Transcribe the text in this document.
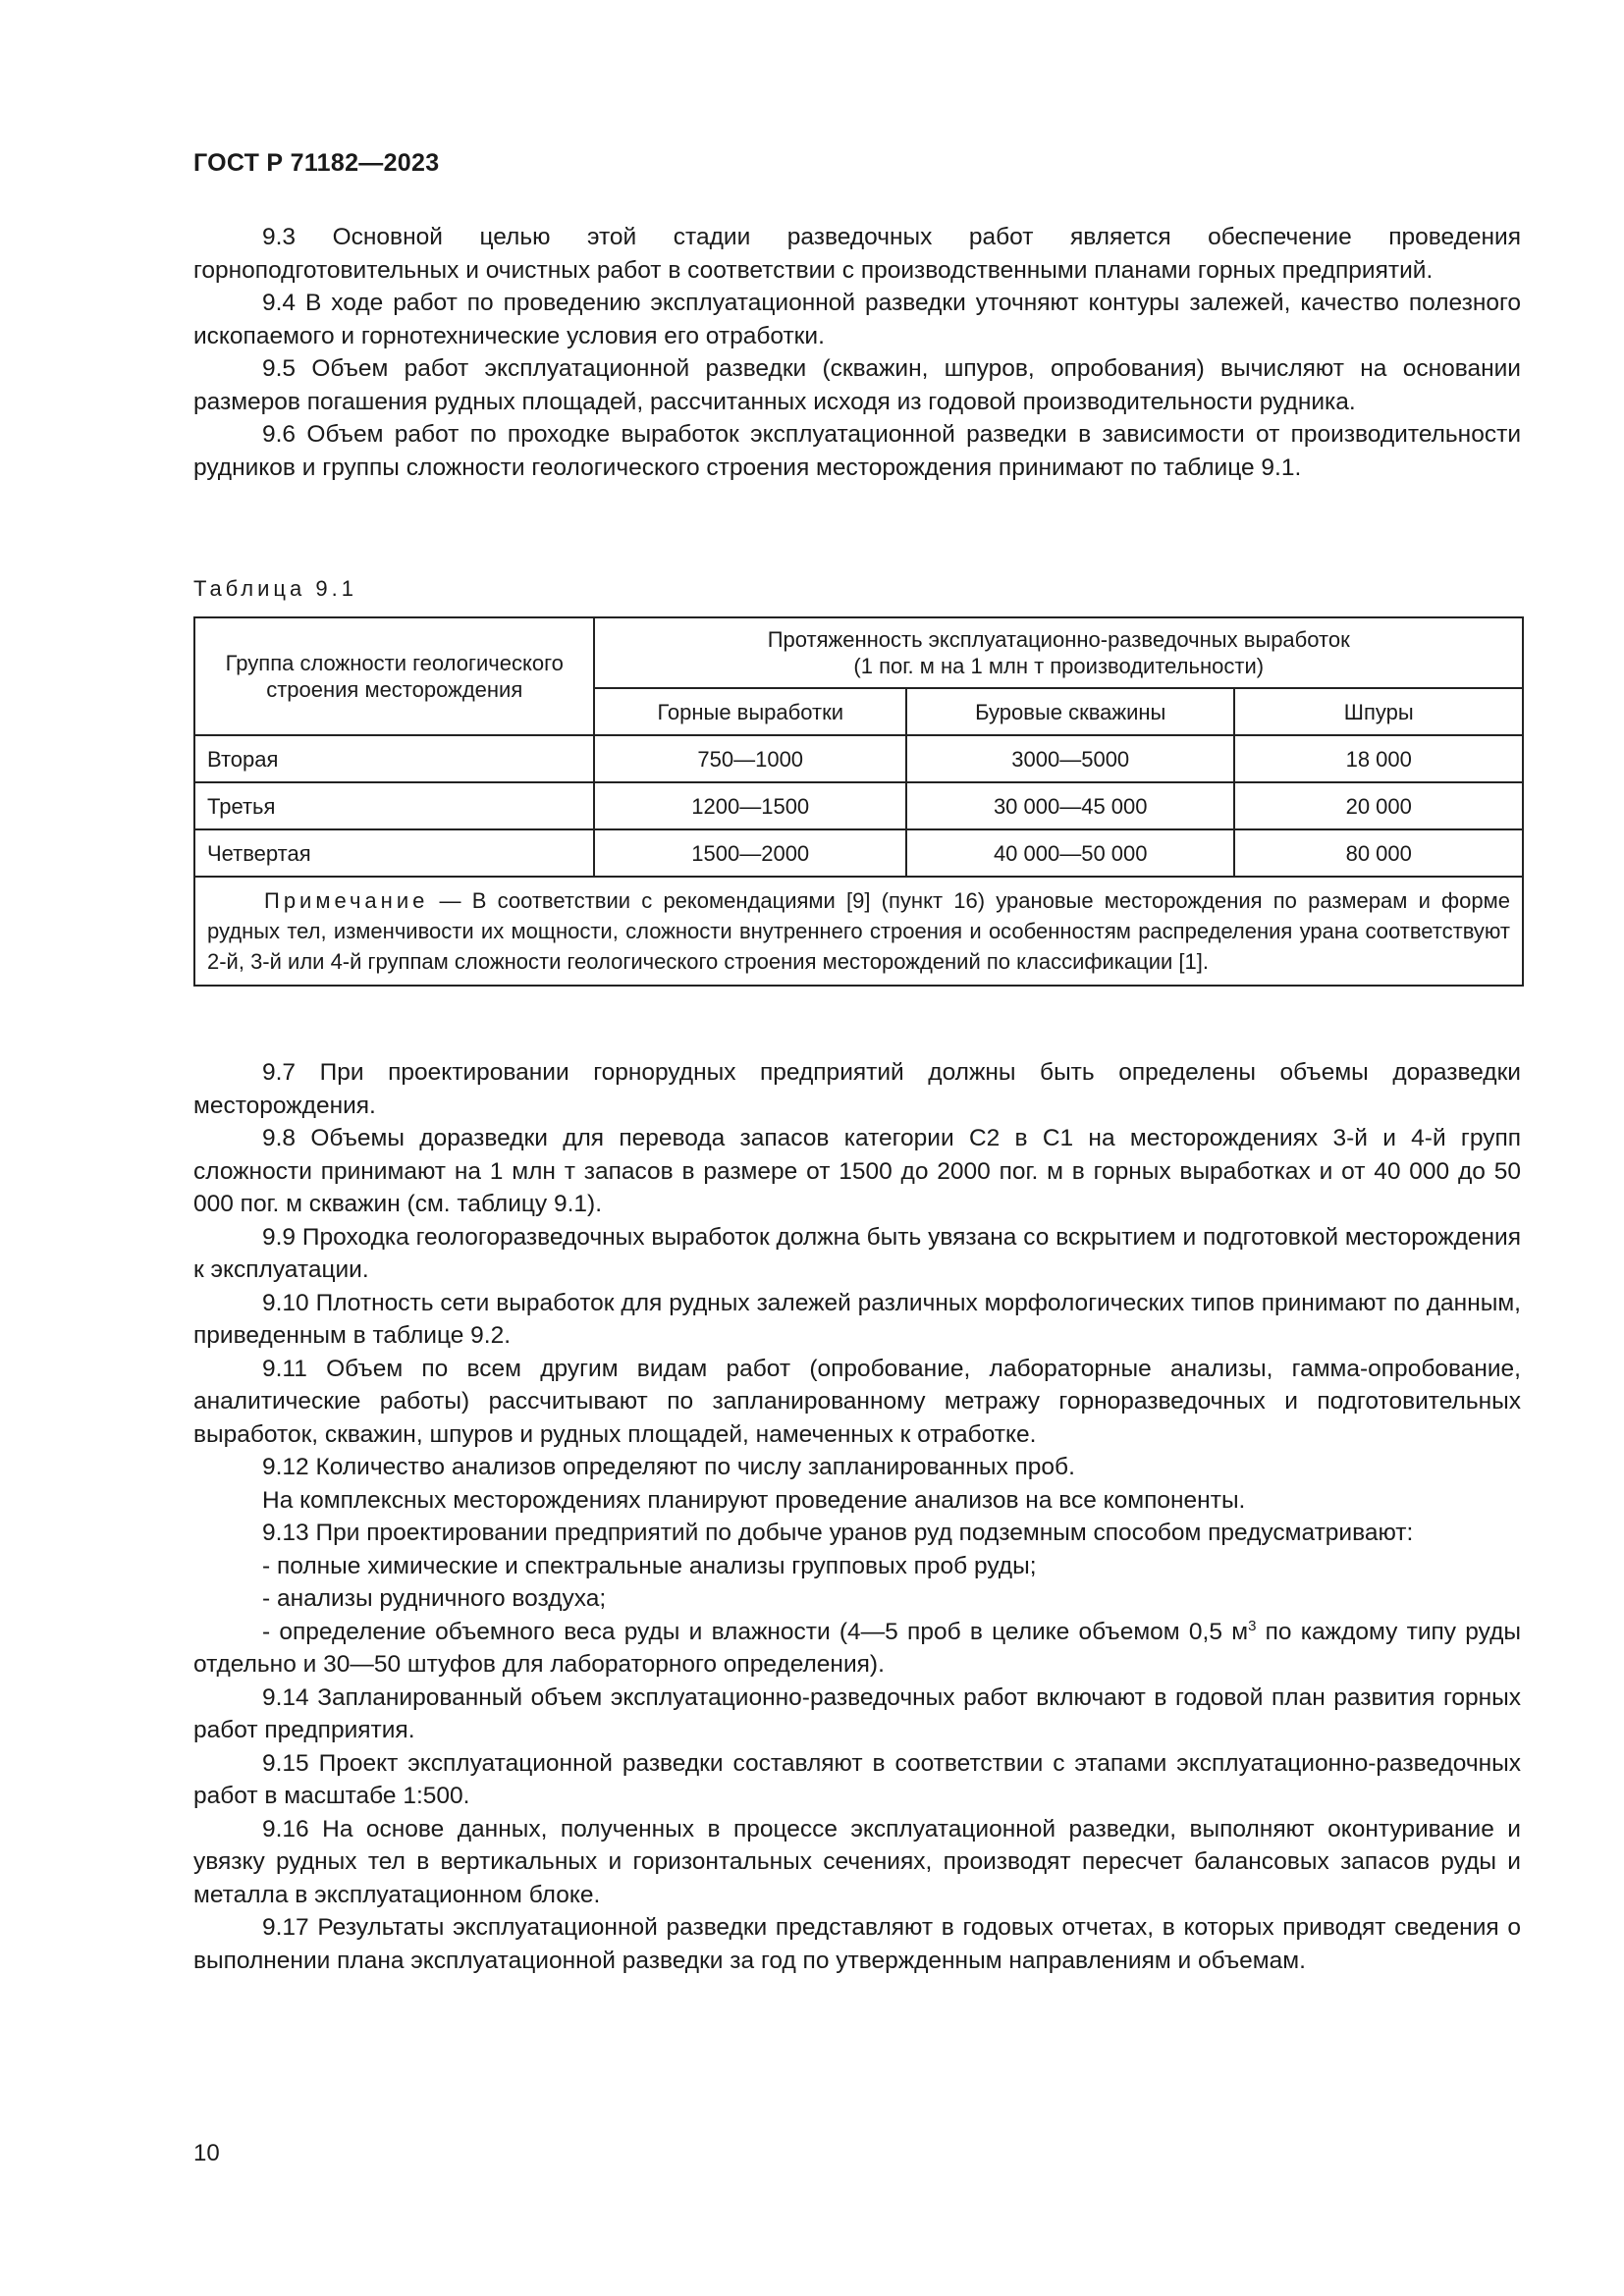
ГОСТ Р 71182—2023

9.3 Основной целью этой стадии разведочных работ является обеспечение проведения горноподготовительных и очистных работ в соответствии с производственными планами горных предприятий.

9.4 В ходе работ по проведению эксплуатационной разведки уточняют контуры залежей, качество полезного ископаемого и горнотехнические условия его отработки.

9.5 Объем работ эксплуатационной разведки (скважин, шпуров, опробования) вычисляют на основании размеров погашения рудных площадей, рассчитанных исходя из годовой производительности рудника.

9.6 Объем работ по проходке выработок эксплуатационной разведки в зависимости от производительности рудников и группы сложности геологического строения месторождения принимают по таблице 9.1.

Таблица 9.1
Группа сложности геологического строения месторождения	Протяженность эксплуатационно-разведочных выработок
(1 пог. м на 1 млн т производительности)		

	Горные выработки	Буровые скважины	Шпуры
Вторая	750—1000	3000—5000	18 000
Третья	1200—1500	30 000—45 000	20 000
Четвертая	1500—2000	40 000—50 000	80 000
Примечание — В соответствии с рекомендациями [9] (пункт 16) урановые месторождения по размерам и форме рудных тел, изменчивости их мощности, сложности внутреннего строения и особенностям распределения урана соответствуют 2-й, 3-й или 4-й группам сложности геологического строения месторождений по классификации [1].			

9.7 При проектировании горнорудных предприятий должны быть определены объемы доразведки месторождения.

9.8 Объемы доразведки для перевода запасов категории С2 в С1 на месторождениях 3-й и 4-й групп сложности принимают на 1 млн т запасов в размере от 1500 до 2000 пог. м в горных выработках и от 40 000 до 50 000 пог. м скважин (см. таблицу 9.1).

9.9 Проходка геологоразведочных выработок должна быть увязана со вскрытием и подготовкой месторождения к эксплуатации.

9.10 Плотность сети выработок для рудных залежей различных морфологических типов принимают по данным, приведенным в таблице 9.2.

9.11 Объем по всем другим видам работ (опробование, лабораторные анализы, гамма-опробование, аналитические работы) рассчитывают по запланированному метражу горноразведочных и подготовительных выработок, скважин, шпуров и рудных площадей, намеченных к отработке.

9.12 Количество анализов определяют по числу запланированных проб.

На комплексных месторождениях планируют проведение анализов на все компоненты.

9.13 При проектировании предприятий по добыче уранов руд подземным способом предусматривают:

- полные химические и спектральные анализы групповых проб руды;

- анализы рудничного воздуха;

- определение объемного веса руды и влажности (4—5 проб в целике объемом 0,5 $м^3$ по каждому типу руды отдельно и 30—50 штуфов для лабораторного определения).

9.14 Запланированный объем эксплуатационно-разведочных работ включают в годовой план развития горных работ предприятия.

9.15 Проект эксплуатационной разведки составляют в соответствии с этапами эксплуатационно-разведочных работ в масштабе 1:500.

9.16 На основе данных, полученных в процессе эксплуатационной разведки, выполняют оконтуривание и увязку рудных тел в вертикальных и горизонтальных сечениях, производят пересчет балансовых запасов руды и металла в эксплуатационном блоке.

9.17 Результаты эксплуатационной разведки представляют в годовых отчетах, в которых приводят сведения о выполнении плана эксплуатационной разведки за год по утвержденным направлениям и объемам.

10
